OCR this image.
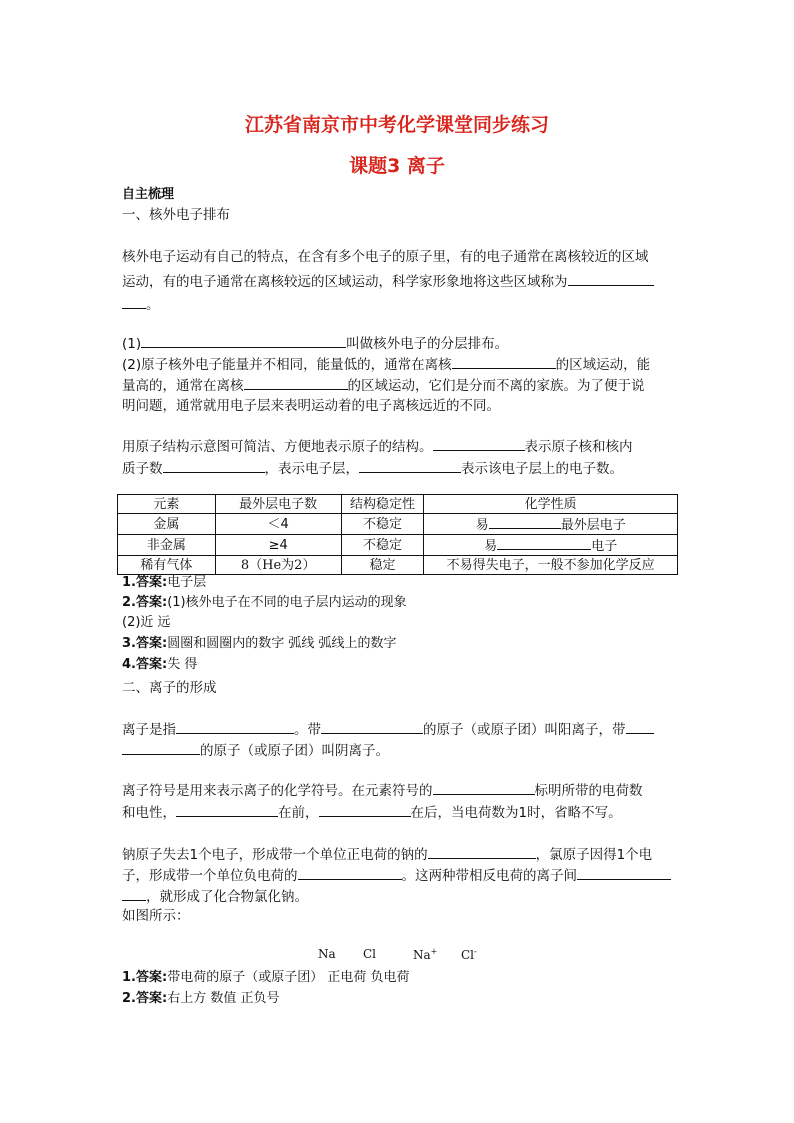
江苏省南京市中考化学课堂同步练习
课题3 离子
自主梳理
一、核外电子排布
核外电子运动有自己的特点，在含有多个电子的原子里，有的电子通常在离核较近的区域
运动，有的电子通常在离核较远的区域运动，科学家形象地将这些区域称为
。
(1)	叫做核外电子的分层排布。
(2)原子核外电子能量并不相同，能量低的，通常在离核	的区域运动，能
量高的，通常在离核	的区域运动，它们是分而不离的家族。为了便于说
明问题，通常就用电子层来表明运动着的电子离核远近的不同。
用原子结构示意图可简洁、方便地表示原子的结构。	表示原子核和核内
质子数	，表示电子层，	表示该电子层上的电子数。
元素	最外层电子数	结构稳定性	化学性质
金属	＜4	不稳定	易 最外层电子
非金属	≥4	不稳定	易 电子
稀有气体	8（He为2）	稳定	不易得失电子，一般不参加化学反应
1.答案:电子层
2.答案:(1)核外电子在不同的电子层内运动的现象
(2)近 远
3.答案:圆圈和圆圈内的数字 弧线 弧线上的数字
4.答案:失 得
二、离子的形成
离子是指	。带	的原子（或原子团）叫阳离子，带
的原子（或原子团）叫阴离子。
离子符号是用来表示离子的化学符号。在元素符号的	标明所带的电荷数
和电性，	在前，	在后，当电荷数为1时，省略不写。
钠原子失去1个电子，形成带一个单位正电荷的钠的	，氯原子因得1个电
子，形成带一个单位负电荷的	。这两种带相反电荷的离子间
，就形成了化合物氯化钠。
如图所示：
Na Cl	Na+ Cl-
1.答案:带电荷的原子（或原子团） 正电荷 负电荷
2.答案:右上方 数值 正负号
